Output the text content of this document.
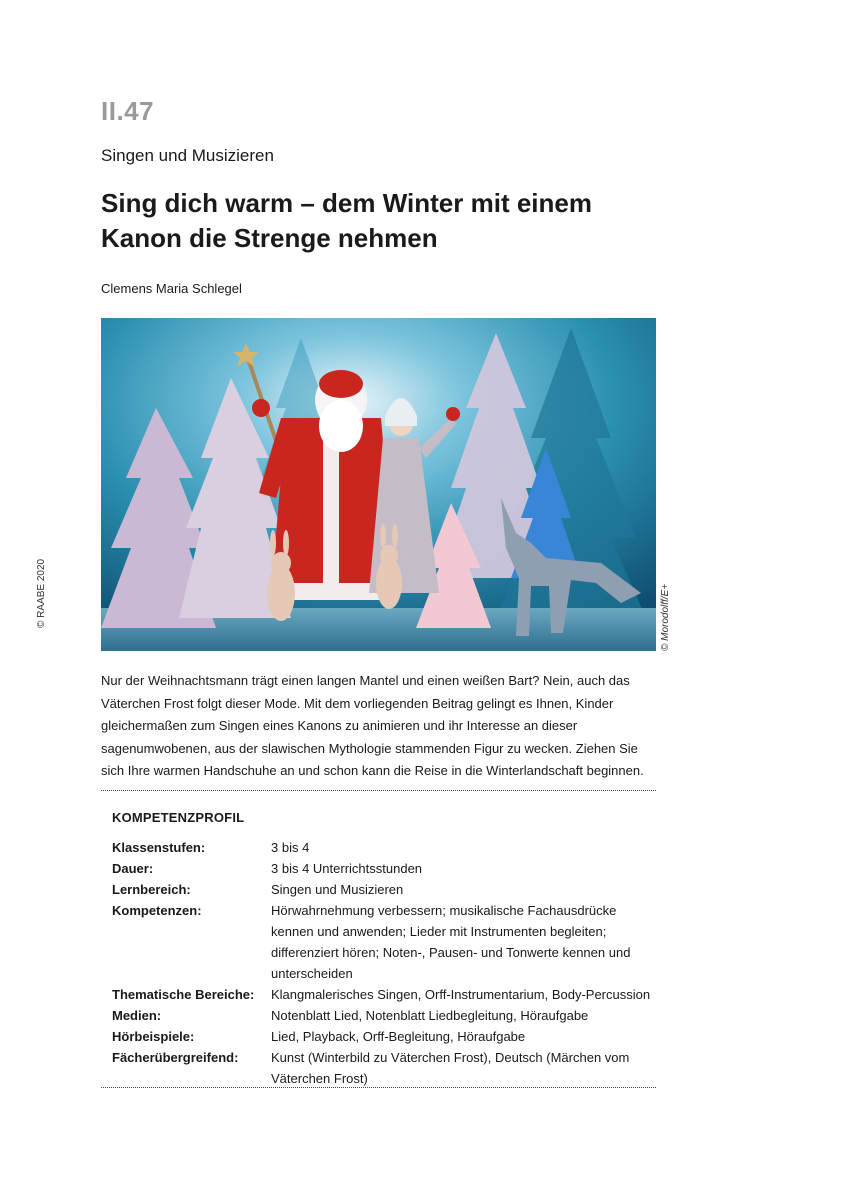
II.47
Singen und Musizieren
Sing dich warm – dem Winter mit einem
Kanon die Strenge nehmen
Clemens Maria Schlegel
© Morodolff/E+
© RAABE 2020
Nur der Weihnachtsmann trägt einen langen Mantel und einen weißen Bart? Nein, auch das Väterchen Frost folgt dieser Mode. Mit dem vorliegenden Beitrag gelingt es Ihnen, Kinder gleichermaßen zum Singen eines Kanons zu animieren und ihr Interesse an dieser sagenumwobenen, aus der slawischen Mythologie stammenden Figur zu wecken. Ziehen Sie sich Ihre warmen Handschuhe an und schon kann die Reise in die Winterlandschaft beginnen.
KOMPETENZPROFIL
Klassenstufen:	3 bis 4
Dauer:	3 bis 4 Unterrichtsstunden
Lernbereich:	Singen und Musizieren
Kompetenzen:	Hörwahrnehmung verbessern; musikalische Fachausdrücke kennen und anwenden; Lieder mit Instrumenten begleiten; differenziert hören; Noten-, Pausen- und Tonwerte kennen und unterscheiden
Thematische Bereiche:	Klangmalerisches Singen, Orff-Instrumentarium, Body-Percussion
Medien:	Notenblatt Lied, Notenblatt Liedbegleitung, Höraufgabe
Hörbeispiele:	Lied, Playback, Orff-Begleitung, Höraufgabe
Fächerübergreifend:	Kunst (Winterbild zu Väterchen Frost), Deutsch (Märchen vom Väterchen Frost)
